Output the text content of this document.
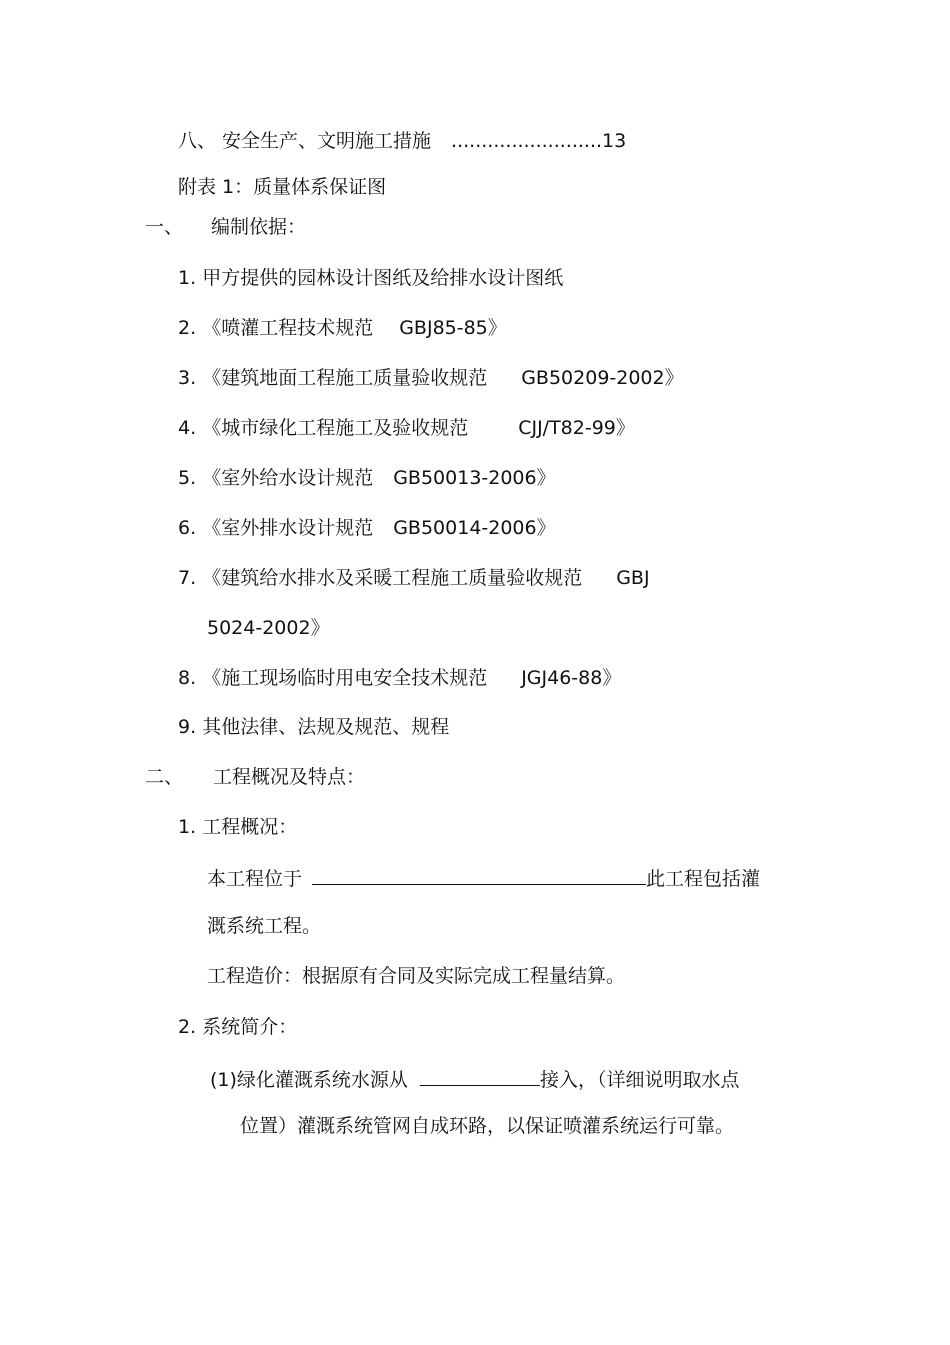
八、 安全生产、文明施工措施 .........................13
附表 1：质量体系保证图
一、 编制依据：
1. 甲方提供的园林设计图纸及给排水设计图纸
2. 《喷灌工程技术规范 GBJ85-85》
3. 《建筑地面工程施工质量验收规范 GB50209-2002》
4. 《城市绿化工程施工及验收规范	CJJ/T82-99》
5. 《室外给水设计规范 GB50013-2006》
6. 《室外排水设计规范 GB50014-2006》
7. 《建筑给水排水及采暖工程施工质量验收规范 GBJ
5024-2002》
8. 《施工现场临时用电安全技术规范 JGJ46-88》
9. 其他法律、法规及规范、规程
二、 工程概况及特点：
1. 工程概况：
本工程位于	此工程包括灌
溉系统工程。
工程造价：根据原有合同及实际完成工程量结算。
2. 系统简介：
(1)绿化灌溉系统水源从	接入，（详细说明取水点
位置）灌溉系统管网自成环路，以保证喷灌系统运行可靠。
